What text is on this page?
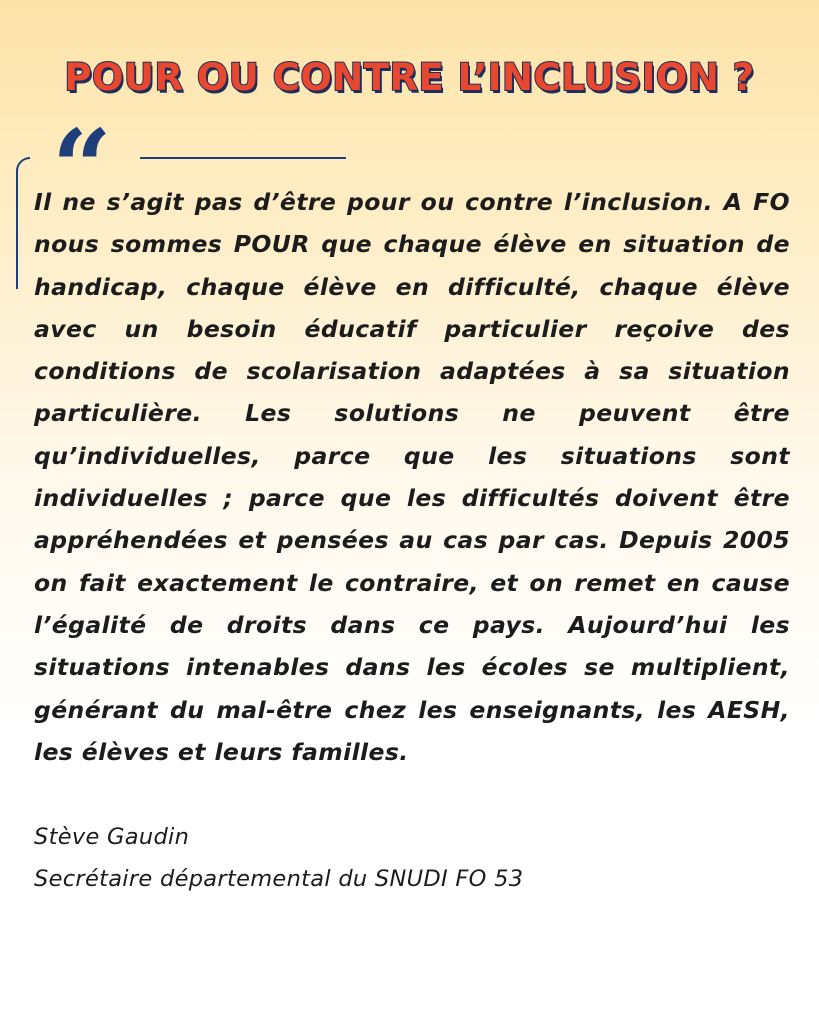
POUR OU CONTRE L’INCLUSION ?
“

Il ne s’agit pas d’être pour ou contre l’inclusion. A FO nous sommes POUR que chaque élève en situation de handicap, chaque élève en difficulté, chaque élève avec un besoin éducatif particulier reçoive des conditions de scolarisation adaptées à sa situation particulière. Les solutions ne peuvent être qu’individuelles, parce que les situations sont individuelles ; parce que les difficultés doivent être appréhendées et pensées au cas par cas. Depuis 2005 on fait exactement le contraire, et on remet en cause l’égalité de droits dans ce pays. Aujourd’hui les situations intenables dans les écoles se multiplient, générant du mal-être chez les enseignants, les AESH, les élèves et leurs familles.

Stève Gaudin
Secrétaire départemental du SNUDI FO 53
